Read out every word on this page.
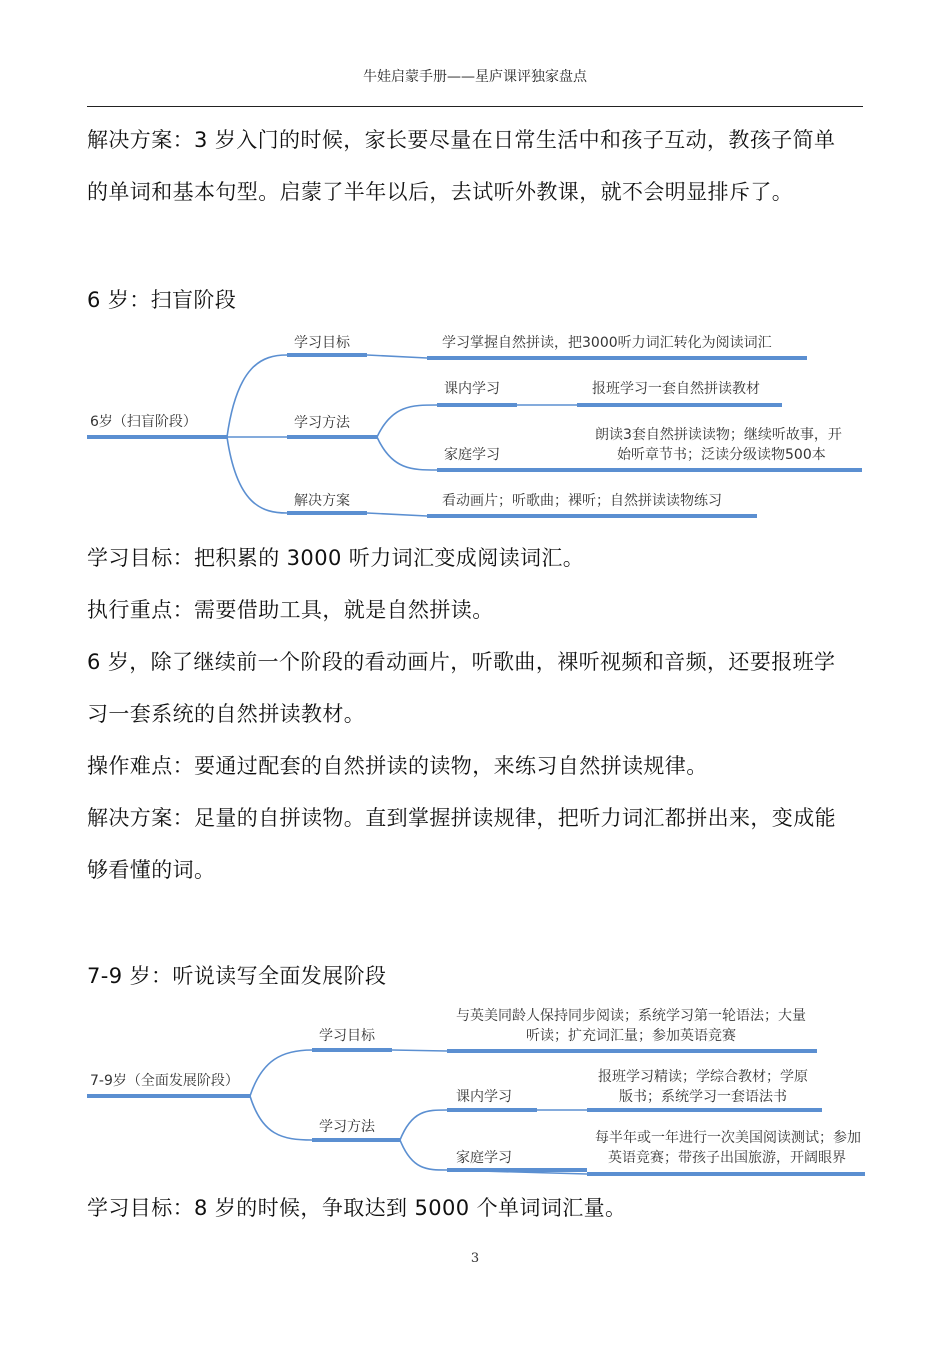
牛娃启蒙手册——星庐课评独家盘点

解决方案：3 岁入门的时候，家长要尽量在日常生活中和孩子互动，教孩子简单

的单词和基本句型。启蒙了半年以后，去试听外教课，就不会明显排斥了。

6 岁：扫盲阶段
6岁（扫盲阶段）
学习目标	学习掌握自然拼读，把3000听力词汇转化为阅读词汇
学习方法
课内学习	报班学习一套自然拼读教材
家庭学习
朗读3套自然拼读读物；继续听故事，开
始听章节书；泛读分级读物500本
解决方案	看动画片；听歌曲；裸听；自然拼读读物练习

学习目标：把积累的 3000 听力词汇变成阅读词汇。

执行重点：需要借助工具，就是自然拼读。

6 岁，除了继续前一个阶段的看动画片，听歌曲，裸听视频和音频，还要报班学

习一套系统的自然拼读教材。

操作难点：要通过配套的自然拼读的读物，来练习自然拼读规律。

解决方案：足量的自拼读物。直到掌握拼读规律，把听力词汇都拼出来，变成能

够看懂的词。

7-9 岁：听说读写全面发展阶段
7-9岁（全面发展阶段）
学习目标
与英美同龄人保持同步阅读；系统学习第一轮语法；大量
听读；扩充词汇量；参加英语竞赛
学习方法
课内学习
报班学习精读；学综合教材；学原
版书；系统学习一套语法书
家庭学习
每半年或一年进行一次美国阅读测试；参加
英语竞赛；带孩子出国旅游，开阔眼界

学习目标：8 岁的时候，争取达到 5000 个单词词汇量。

3
